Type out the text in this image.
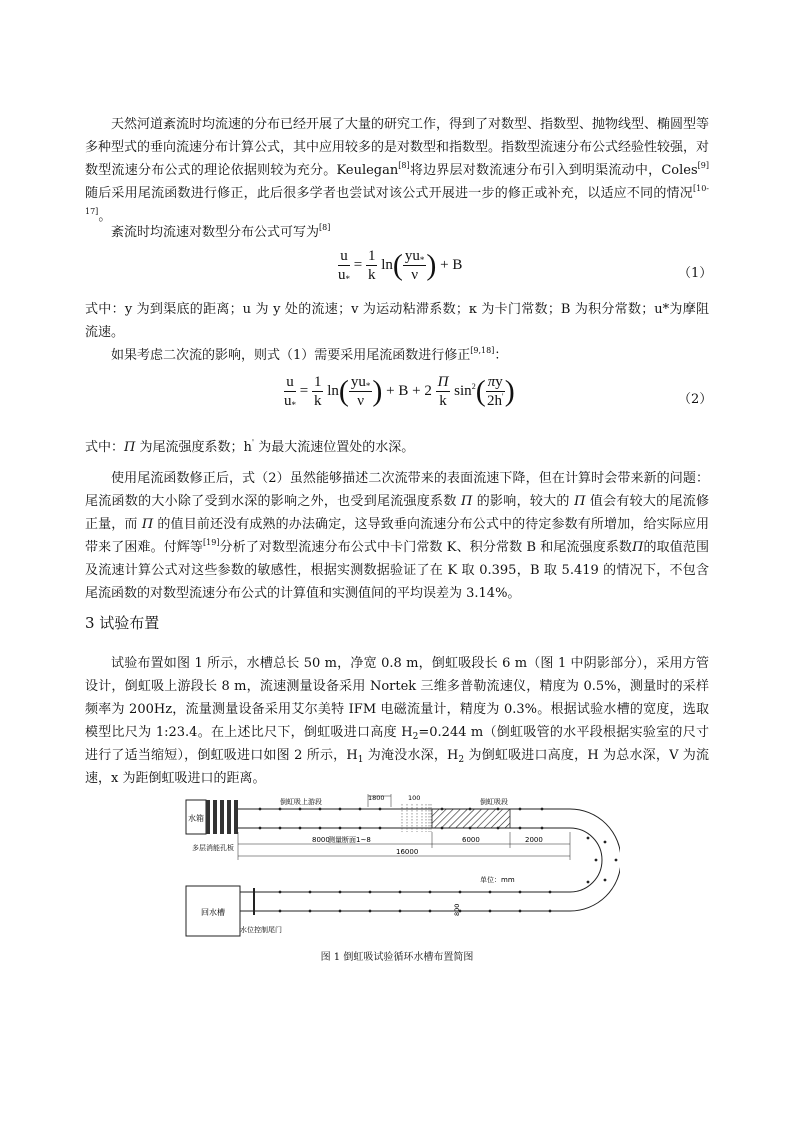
天然河道紊流时均流速的分布已经开展了大量的研究工作，得到了对数型、指数型、抛物线型、椭圆型等多种型式的垂向流速分布计算公式，其中应用较多的是对数型和指数型。指数型流速分布公式经验性较强，对数型流速分布公式的理论依据则较为充分。Keulegan[8]将边界层对数流速分布引入到明渠流动中，Coles[9]随后采用尾流函数进行修正，此后很多学者也尝试对该公式开展进一步的修正或补充，以适应不同的情况[10-17]。

紊流时均流速对数型分布公式可写为[8]

$\frac{u}{u_*} = \frac{1}{k} \ln( \frac{yu_*}{\nu}$ ) + B
（1）

式中：y 为到渠底的距离；u 为 y 处的流速；v 为运动粘滞系数；κ 为卡门常数；B 为积分常数；u*为摩阻流速。

如果考虑二次流的影响，则式（1）需要采用尾流函数进行修正[9,18]：

$\frac{u}{u_*} = \frac{1}{k} \ln( \frac{yu_*}{\nu}$ ) + $B + 2 \frac{\Pi}{k} \sin^2( \frac{\pi y}{2h'}$ )	（2）

式中：Π 为尾流强度系数；h' 为最大流速位置处的水深。

使用尾流函数修正后，式（2）虽然能够描述二次流带来的表面流速下降，但在计算时会带来新的问题：尾流函数的大小除了受到水深的影响之外，也受到尾流强度系数 Π 的影响，较大的 Π 值会有较大的尾流修正量，而 Π 的值目前还没有成熟的办法确定，这导致垂向流速分布公式中的待定参数有所增加，给实际应用带来了困难。付辉等[19]分析了对数型流速分布公式中卡门常数 K、积分常数 B 和尾流强度系数Π的取值范围及流速计算公式对这些参数的敏感性，根据实测数据验证了在 K 取 0.395，B 取 5.419 的情况下，不包含尾流函数的对数型流速分布公式的计算值和实测值间的平均误差为 3.14%。

3 试验布置

试验布置如图 1 所示，水槽总长 50 m，净宽 0.8 m，倒虹吸段长 6 m（图 1 中阴影部分），采用方管设计，倒虹吸上游段长 8 m，流速测量设备采用 Nortek 三维多普勒流速仪，精度为 0.5%，测量时的采样频率为 200Hz，流量测量设备采用艾尔美特 IFM 电磁流量计，精度为 0.3%。根据试验水槽的宽度，选取模型比尺为 1:23.4。在上述比尺下，倒虹吸进口高度 $H_2=0.244$ m（倒虹吸管的水平段根据实验室的尺寸进行了适当缩短），倒虹吸进口如图 2 所示，$H_1$ 为淹没水深，$H_2$ 为倒虹吸进口高度，H 为总水深，V 为流速，x 为距倒虹吸进口的距离。

水箱
多层消能孔板
回水槽
水位控制尾门
倒虹吸上游段	倒虹吸段
1800	100
测量断面1~8
8000	6000	2000
16000
单位：mm
800

图 1 倒虹吸试验循环水槽布置简图
